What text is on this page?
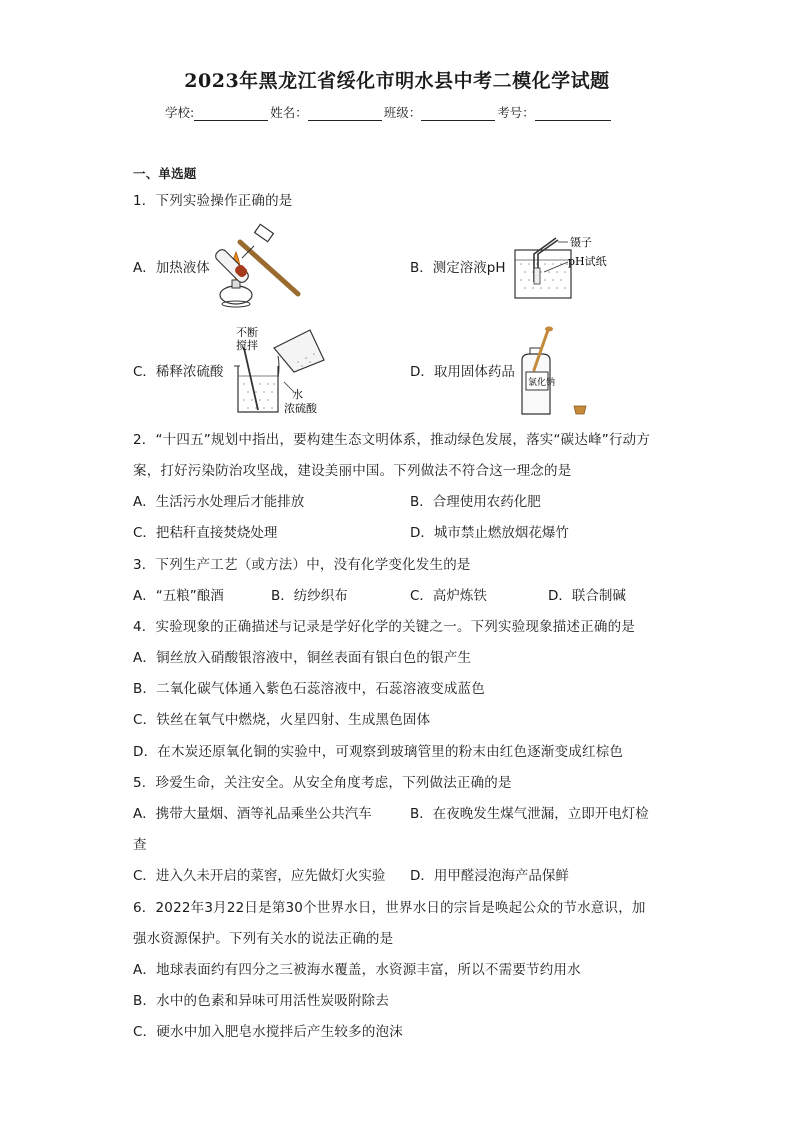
2023年黑龙江省绥化市明水县中考二模化学试题
学校:	姓名：	班级：	考号：

一、单选题

1．下列实验操作正确的是

A．加热液体	B．测定溶液pH
镊子
pH试纸
C．稀释浓硫酸
不断
搅拌
水
浓硫酸
D．取用固体药品
氯化钠

2．“十四五”规划中指出，要构建生态文明体系，推动绿色发展，落实“碳达峰”行动方

案，打好污染防治攻坚战，建设美丽中国。下列做法不符合这一理念的是

A．生活污水处理后才能排放	B．合理使用农药化肥
C．把秸秆直接焚烧处理	D．城市禁止燃放烟花爆竹

3．下列生产工艺（或方法）中，没有化学变化发生的是

A．“五粮”酿酒	B．纺纱织布	C．高炉炼铁	D．联合制碱

4．实验现象的正确描述与记录是学好化学的关键之一。下列实验现象描述正确的是

A．铜丝放入硝酸银溶液中，铜丝表面有银白色的银产生

B．二氧化碳气体通入紫色石蕊溶液中，石蕊溶液变成蓝色

C．铁丝在氧气中燃烧，火星四射、生成黑色固体

D．在木炭还原氧化铜的实验中，可观察到玻璃管里的粉末由红色逐渐变成红棕色

5．珍爱生命，关注安全。从安全角度考虑，下列做法正确的是

A．携带大量烟、酒等礼品乘坐公共汽车	B．在夜晚发生煤气泄漏，立即开电灯检

查

C．进入久未开启的菜窖，应先做灯火实验 D．用甲醛浸泡海产品保鲜

6．2022年3月22日是第30个世界水日，世界水日的宗旨是唤起公众的节水意识，加

强水资源保护。下列有关水的说法正确的是

A．地球表面约有四分之三被海水覆盖，水资源丰富，所以不需要节约用水

B．水中的色素和异味可用活性炭吸附除去

C．硬水中加入肥皂水搅拌后产生较多的泡沫
